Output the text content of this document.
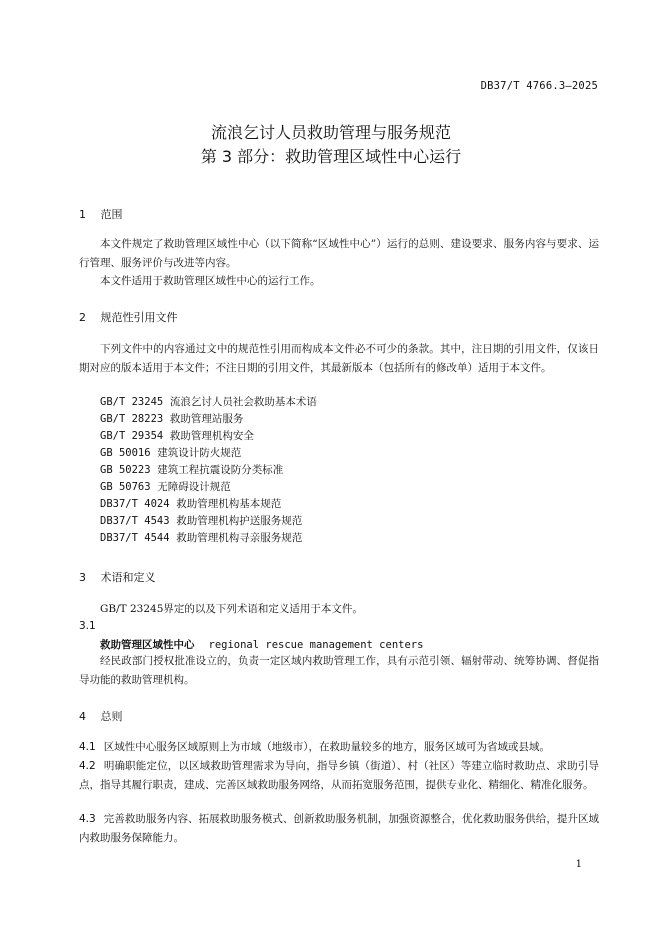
DB37/T 4766.3—2025
流浪乞讨人员救助管理与服务规范
第 3 部分：救助管理区域性中心运行
1 范围
本文件规定了救助管理区域性中心（以下简称“区域性中心”）运行的总则、建设要求、服务内容与要求、运行管理、服务评价与改进等内容。
本文件适用于救助管理区域性中心的运行工作。
2 规范性引用文件
下列文件中的内容通过文中的规范性引用而构成本文件必不可少的条款。其中，注日期的引用文件，仅该日期对应的版本适用于本文件；不注日期的引用文件，其最新版本（包括所有的修改单）适用于本文件。
GB/T 23245 流浪乞讨人员社会救助基本术语
GB/T 28223 救助管理站服务
GB/T 29354 救助管理机构安全
GB 50016 建筑设计防火规范
GB 50223 建筑工程抗震设防分类标准
GB 50763 无障碍设计规范
DB37/T 4024 救助管理机构基本规范
DB37/T 4543 救助管理机构护送服务规范
DB37/T 4544 救助管理机构寻亲服务规范
3 术语和定义
GB/T 23245界定的以及下列术语和定义适用于本文件。
3.1
救助管理区域性中心 regional rescue management centers
经民政部门授权批准设立的，负责一定区域内救助管理工作，具有示范引领、辐射带动、统筹协调、督促指导功能的救助管理机构。
4 总则
4.1 区域性中心服务区域原则上为市域（地级市），在救助量较多的地方，服务区域可为省域或县域。
4.2 明确职能定位，以区域救助管理需求为导向，指导乡镇（街道）、村（社区）等建立临时救助点、求助引导点，指导其履行职责，建成、完善区域救助服务网络，从而拓宽服务范围，提供专业化、精细化、精准化服务。
4.3 完善救助服务内容、拓展救助服务模式、创新救助服务机制，加强资源整合，优化救助服务供给，提升区域内救助服务保障能力。
1
